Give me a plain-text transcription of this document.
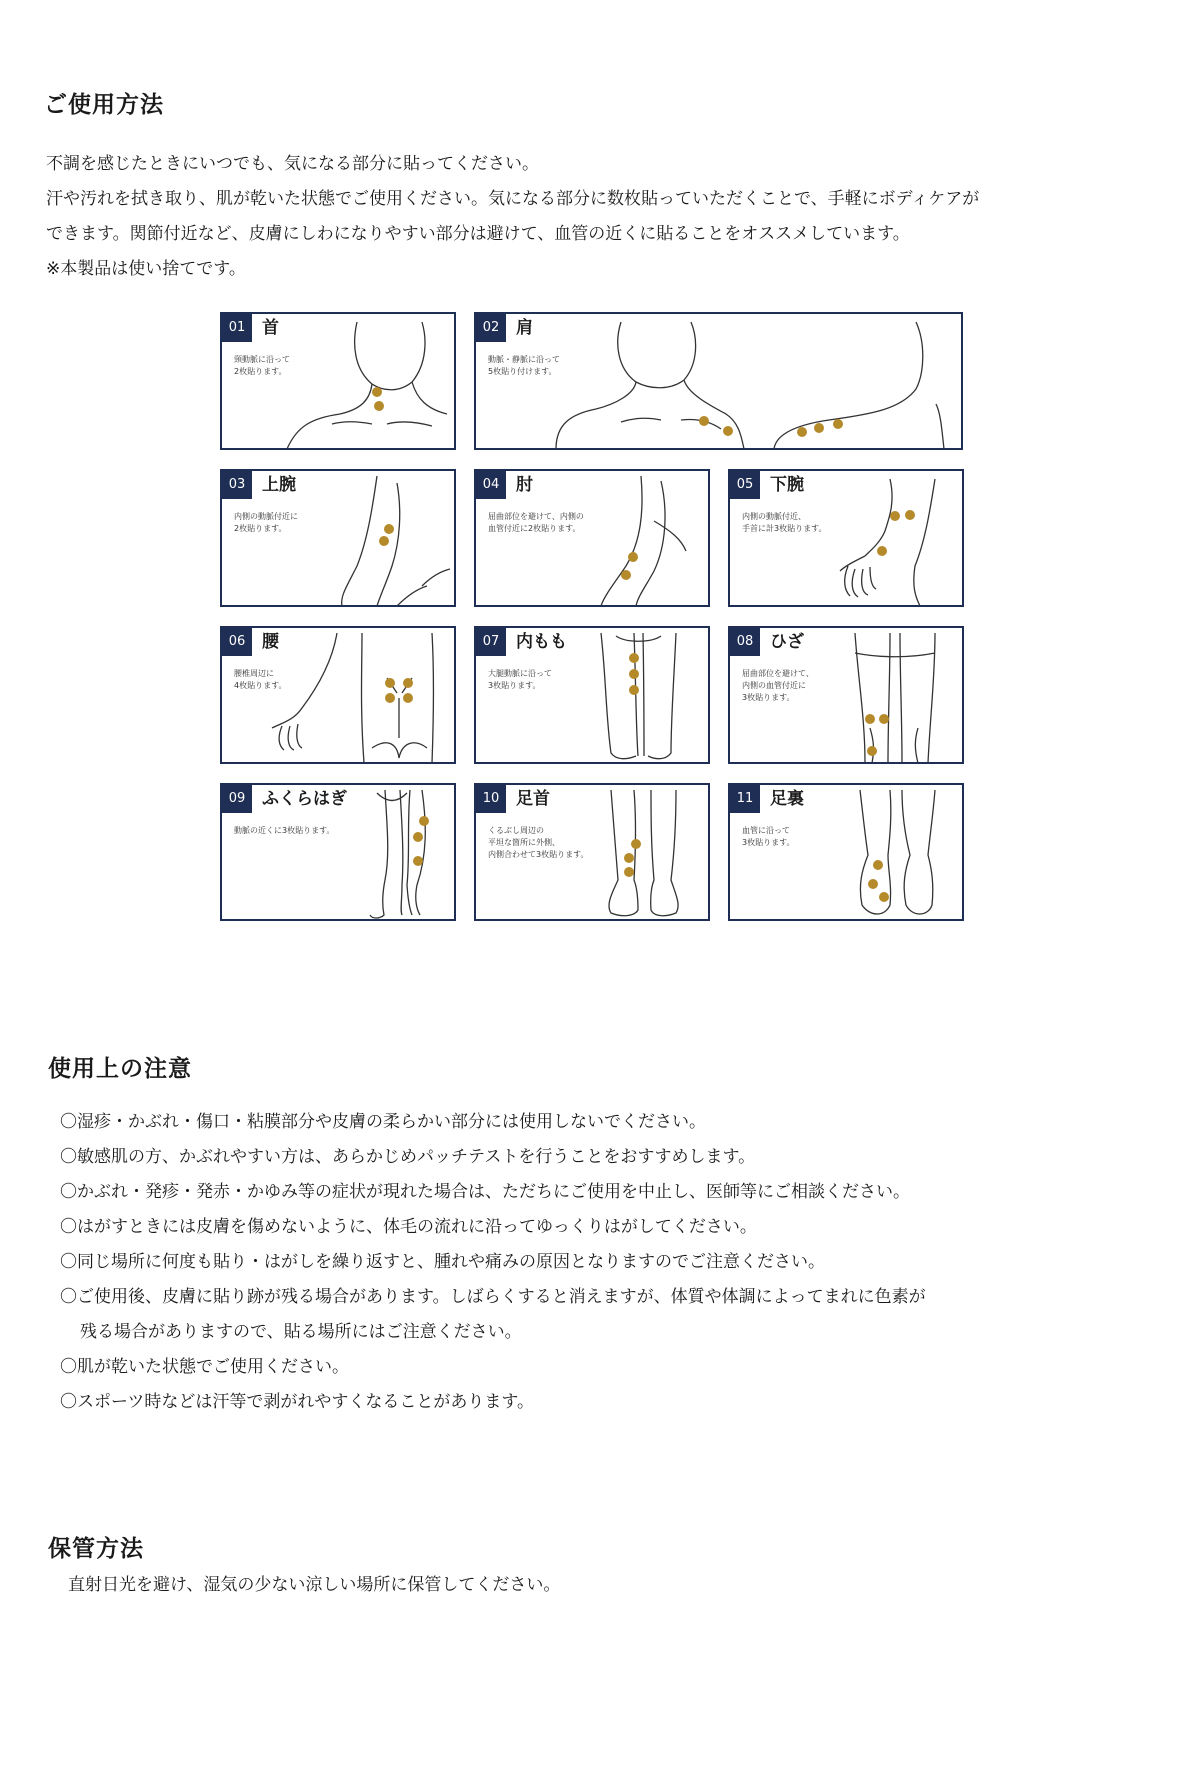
ご使用方法

不調を感じたときにいつでも、気になる部分に貼ってください。

汗や汚れを拭き取り、肌が乾いた状態でご使用ください。気になる部分に数枚貼っていただくことで、手軽にボディケアが

できます。関節付近など、皮膚にしわになりやすい部分は避けて、血管の近くに貼ることをオススメしています。

※本製品は使い捨てです。

01 首
頸動脈に沿って
2枚貼ります。
02 肩
動脈・静脈に沿って
5枚貼り付けます。
03 上腕
内側の動脈付近に
2枚貼ります。
04 肘
屈曲部位を避けて、内側の
血管付近に2枚貼ります。
05 下腕
内側の動脈付近、
手首に計3枚貼ります。
06 腰
腰椎周辺に
4枚貼ります。
07 内もも
大腿動脈に沿って
3枚貼ります。
08 ひざ
屈曲部位を避けて、
内側の血管付近に
3枚貼ります。
09 ふくらはぎ
動脈の近くに3枚貼ります。
10 足首
くるぶし周辺の
平坦な箇所に外側、
内側合わせて3枚貼ります。
11 足裏
血管に沿って
3枚貼ります。
使用上の注意
〇湿疹・かぶれ・傷口・粘膜部分や皮膚の柔らかい部分には使用しないでください。
〇敏感肌の方、かぶれやすい方は、あらかじめパッチテストを行うことをおすすめします。
〇かぶれ・発疹・発赤・かゆみ等の症状が現れた場合は、ただちにご使用を中止し、医師等にご相談ください。
〇はがすときには皮膚を傷めないように、体毛の流れに沿ってゆっくりはがしてください。
〇同じ場所に何度も貼り・はがしを繰り返すと、腫れや痛みの原因となりますのでご注意ください。
〇ご使用後、皮膚に貼り跡が残る場合があります。しばらくすると消えますが、体質や体調によってまれに色素が
残る場合がありますので、貼る場所にはご注意ください。
〇肌が乾いた状態でご使用ください。
〇スポーツ時などは汗等で剥がれやすくなることがあります。
保管方法

直射日光を避け、湿気の少ない涼しい場所に保管してください。
